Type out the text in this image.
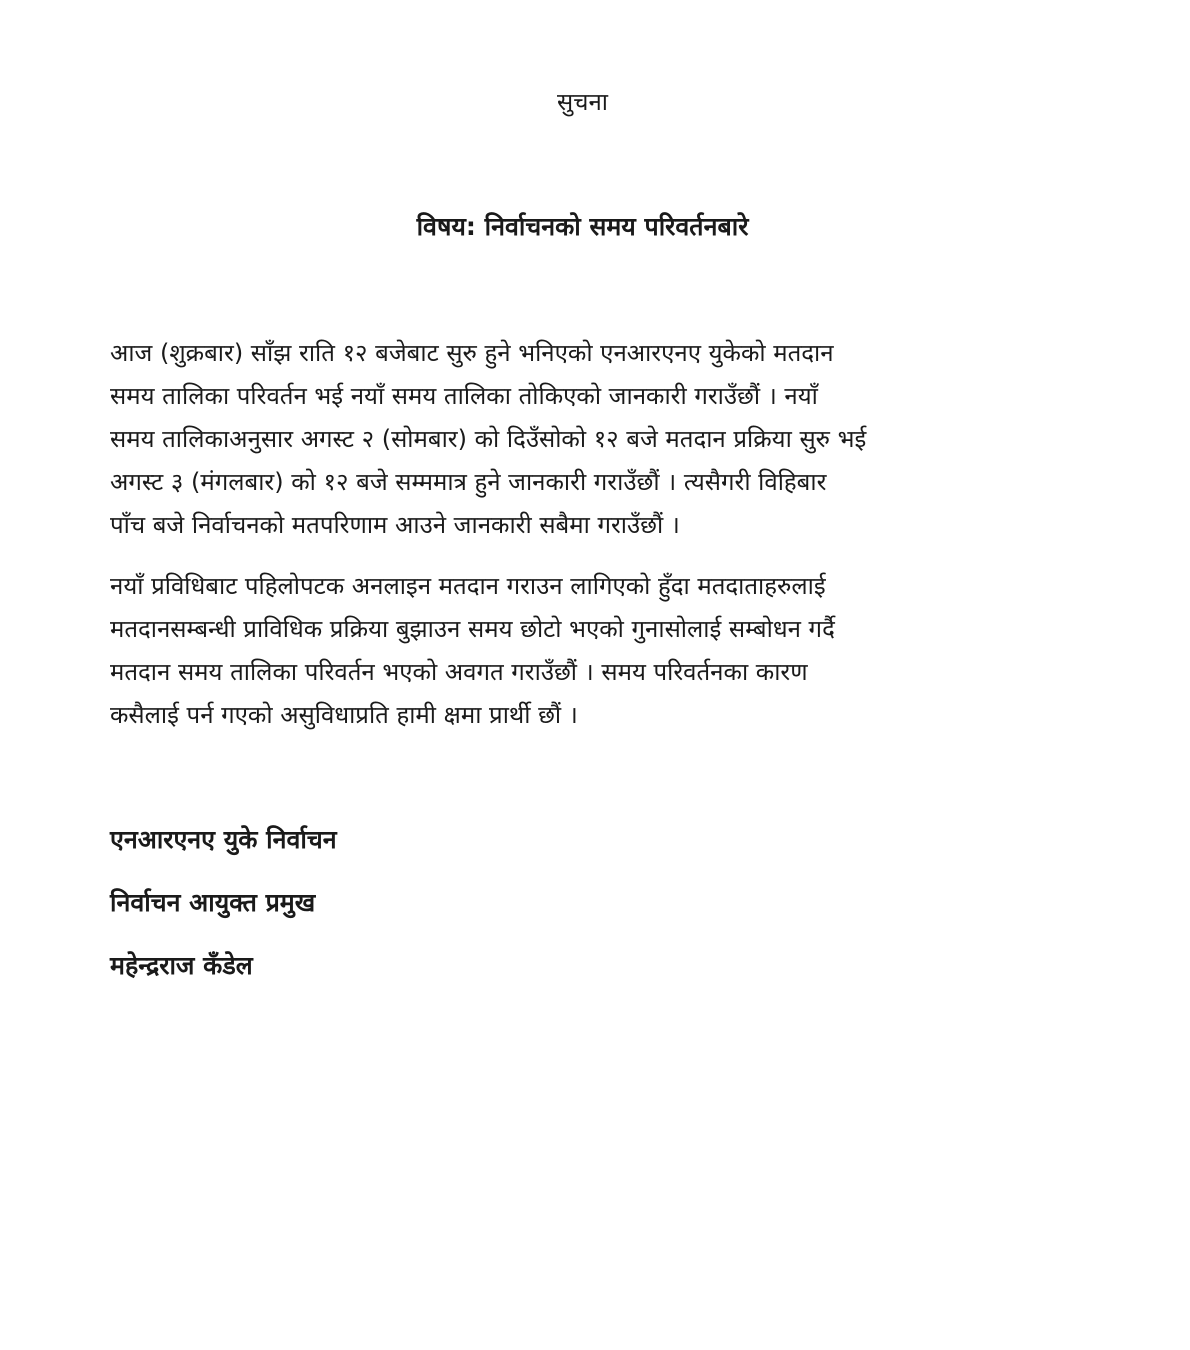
सुचना
विषय: निर्वाचनको समय परिवर्तनबारे
आज (शुक्रबार) साँझ राति १२ बजेबाट सुरु हुने भनिएको एनआरएनए युकेको मतदान
समय तालिका परिवर्तन भई नयाँ समय तालिका तोकिएको जानकारी गराउँछौं । नयाँ
समय तालिकाअनुसार अगस्ट २ (सोमबार) को दिउँसोको १२ बजे मतदान प्रक्रिया सुरु भई
अगस्ट ३ (मंगलबार) को १२ बजे सम्ममात्र हुने जानकारी गराउँछौं । त्यसैगरी विहिबार
पाँच बजे निर्वाचनको मतपरिणाम आउने जानकारी सबैमा गराउँछौं ।
नयाँ प्रविधिबाट पहिलोपटक अनलाइन मतदान गराउन लागिएको हुँदा मतदाताहरुलाई
मतदानसम्बन्धी प्राविधिक प्रक्रिया बुझाउन समय छोटो भएको गुनासोलाई सम्बोधन गर्दै
मतदान समय तालिका परिवर्तन भएको अवगत गराउँछौं । समय परिवर्तनका कारण
कसैलाई पर्न गएको असुविधाप्रति हामी क्षमा प्रार्थी छौं ।
एनआरएनए युके निर्वाचन
निर्वाचन आयुक्त प्रमुख
महेन्द्रराज कँडेल
